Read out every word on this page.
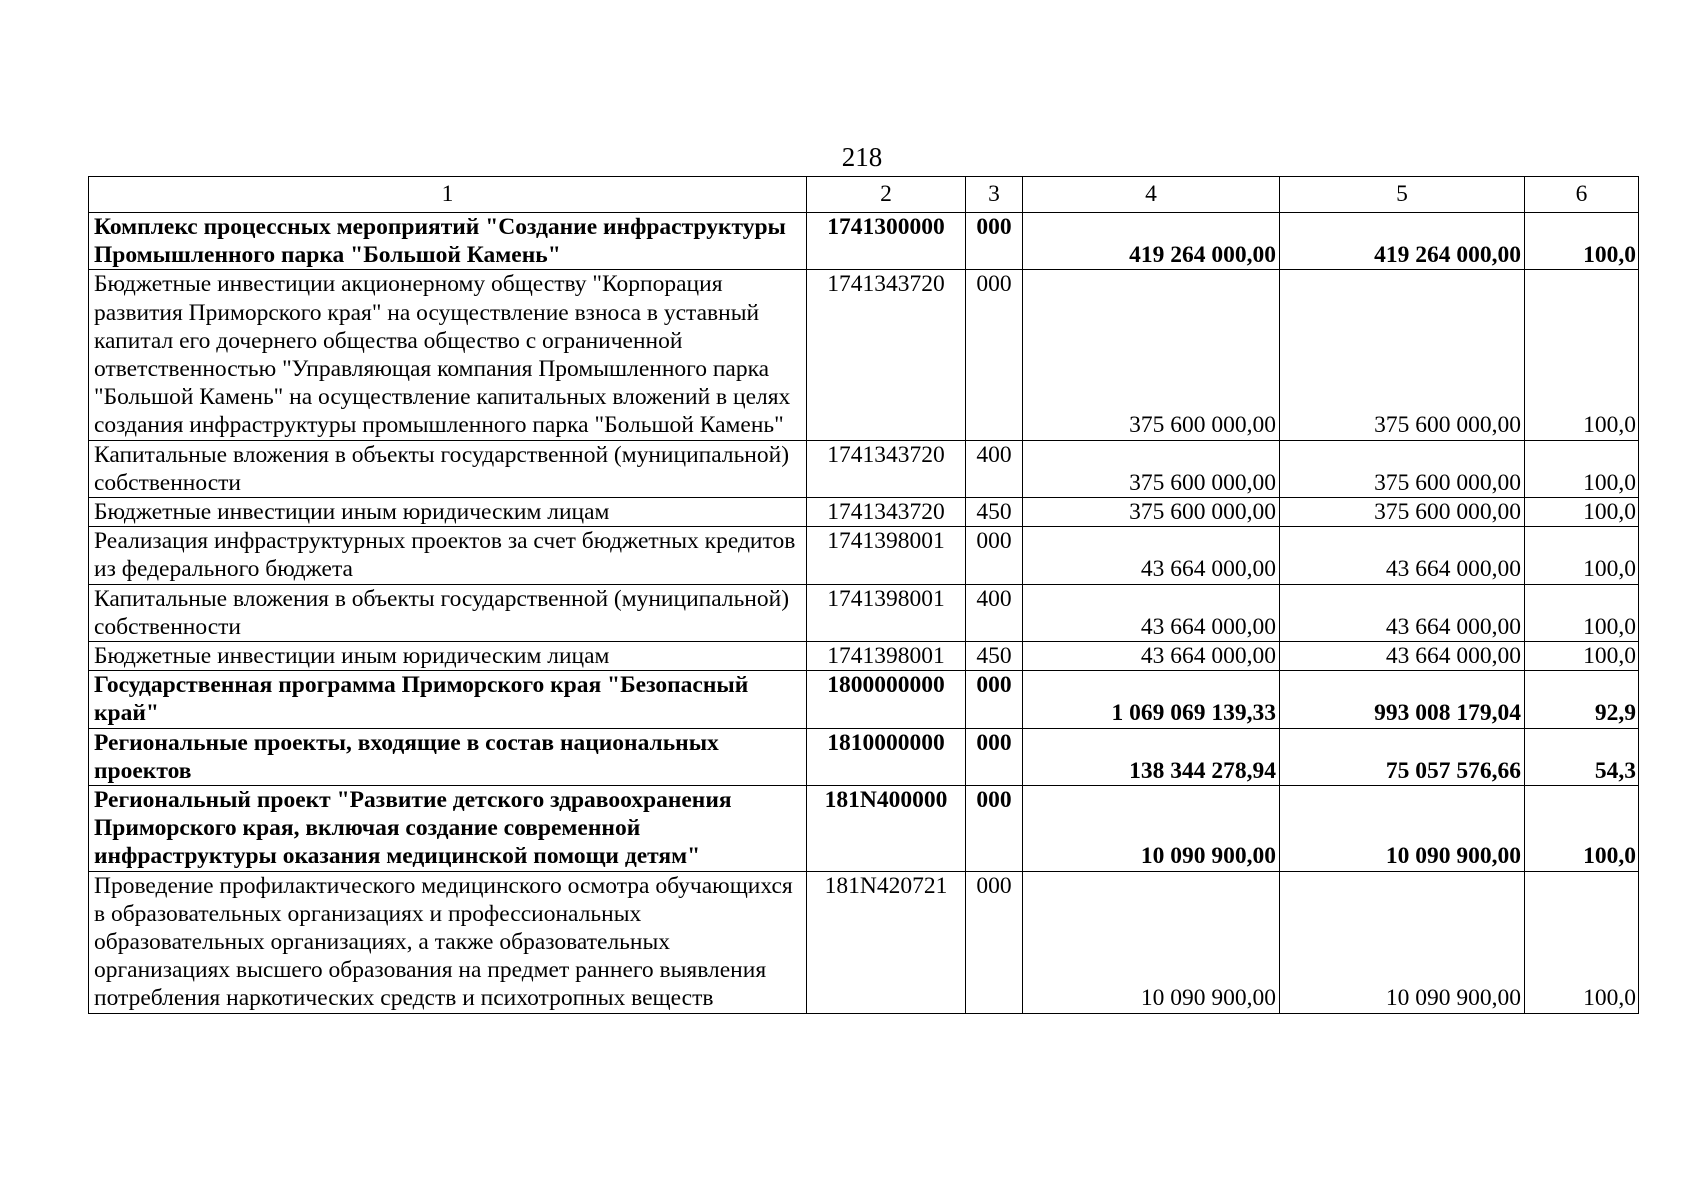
218
1	2	3	4	5	6
Комплекс процессных мероприятий "Создание инфраструктуры Промышленного парка "Большой Камень"	1741300000	000	419 264 000,00	419 264 000,00	100,0
Бюджетные инвестиции акционерному обществу "Корпорация развития Приморского края" на осуществление взноса в уставный капитал его дочернего общества общество с ограниченной ответственностью "Управляющая компания Промышленного парка "Большой Камень" на осуществление капитальных вложений в целях создания инфраструктуры промышленного парка "Большой Камень"	1741343720	000	375 600 000,00	375 600 000,00	100,0
Капитальные вложения в объекты государственной (муниципальной) собственности	1741343720	400	375 600 000,00	375 600 000,00	100,0
Бюджетные инвестиции иным юридическим лицам	1741343720	450	375 600 000,00	375 600 000,00	100,0
Реализация инфраструктурных проектов за счет бюджетных кредитов из федерального бюджета	1741398001	000	43 664 000,00	43 664 000,00	100,0
Капитальные вложения в объекты государственной (муниципальной) собственности	1741398001	400	43 664 000,00	43 664 000,00	100,0
Бюджетные инвестиции иным юридическим лицам	1741398001	450	43 664 000,00	43 664 000,00	100,0
Государственная программа Приморского края "Безопасный край"	1800000000	000	1 069 069 139,33	993 008 179,04	92,9
Региональные проекты, входящие в состав национальных проектов	1810000000	000	138 344 278,94	75 057 576,66	54,3
Региональный проект "Развитие детского здравоохранения Приморского края, включая создание современной инфраструктуры оказания медицинской помощи детям"	181N400000	000	10 090 900,00	10 090 900,00	100,0
Проведение профилактического медицинского осмотра обучающихся в образовательных организациях и профессиональных образовательных организациях, а также образовательных организациях высшего образования на предмет раннего выявления потребления наркотических средств и психотропных веществ	181N420721	000	10 090 900,00	10 090 900,00	100,0
